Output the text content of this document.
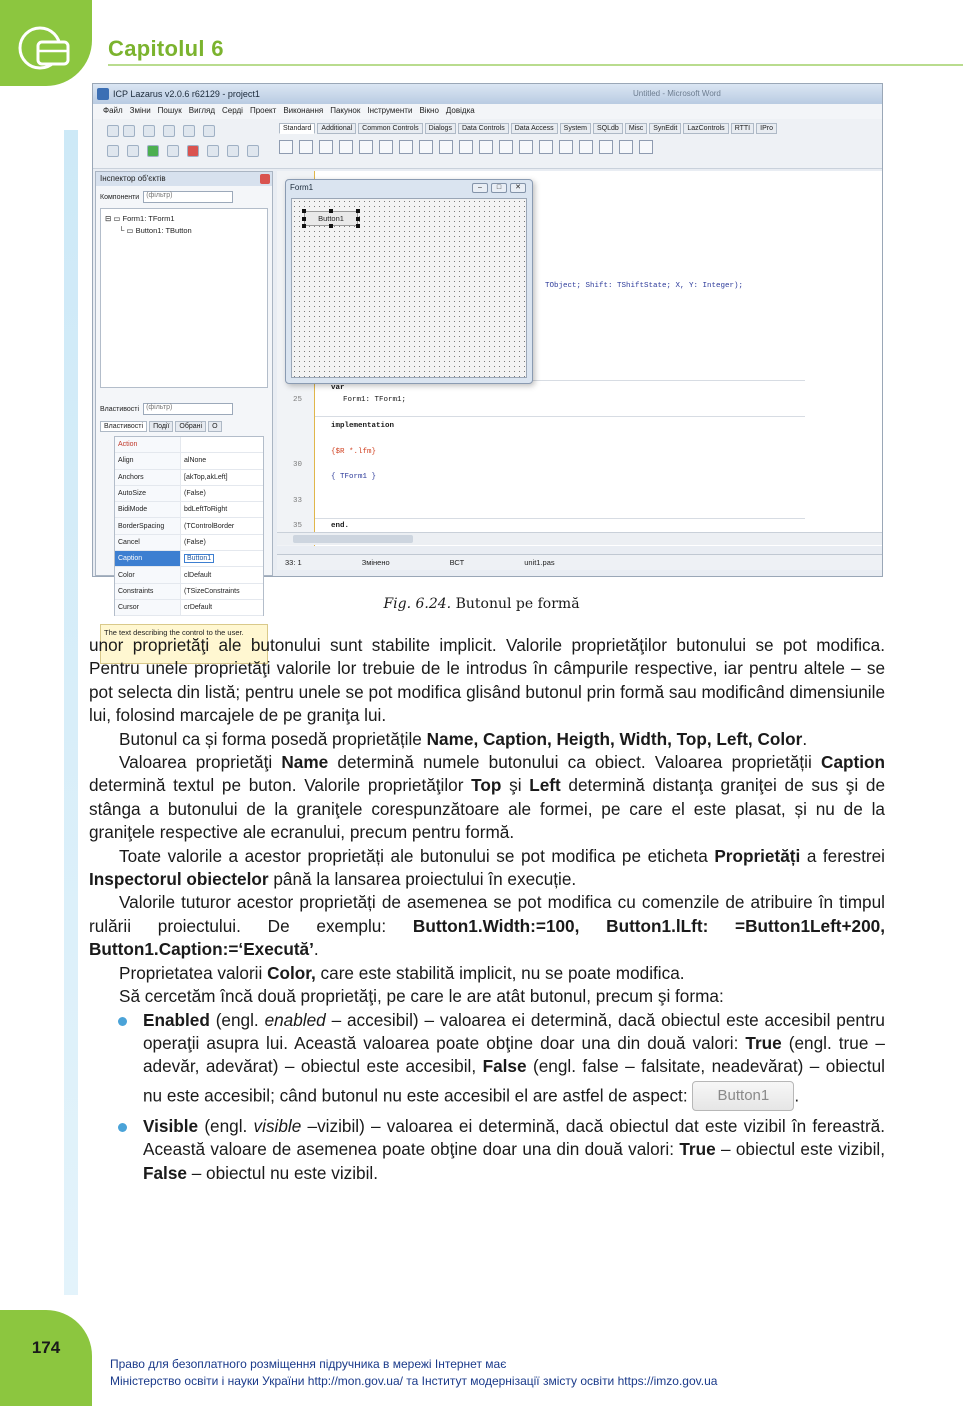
Capitolul 6
ICP Lazarus v2.0.6 r62129 - project1	Untitled - Microsoft Word
Файл Зміни Пошук Вигляд Серді Проект Виконання Пакунок Інструменти Вікно Довідка
Standard	Additional	Common Controls	Dialogs	Data Controls	Data Access	System	SQLdb	Misc	SynEdit	LazControls	RTTI	IPro
Інспектор об'єктів
Компоненти	(фільтр)
⊟ ▭ Form1: TForm1
└ ▭ Button1: TButton
Властивості	(фільтр)
Властивості	Події	Обрані	О
Action
Align	alNone
Anchors	[akTop,akLeft]
AutoSize	(False)
BidiMode	bdLeftToRight
BorderSpacing	(TControlBorder
Cancel	(False)
Caption	Button1
Color	clDefault
Constraints	(TSizeConstraints
Cursor	crDefault
The text describing the control to the user.
TObject; Shift: TShiftState; X, Y: Integer);
var
25	Form1: TForm1;
implementation
{$R *.lfm}
30
{ TForm1 }
33
35	end.
33: 1	Змінено	ВСТ	unit1.pas
Form1	–	□	✕
Button1
Fig. 6.24. Butonul pe formă

unor proprietăţi ale butonului sunt stabilite implicit. Valorile proprietăţilor butonului se pot modifica. Pentru unele proprietăţi valorile lor trebuie de le introdus în câmpurile respective, iar pentru altele – se pot selecta din listă; pentru unele se pot modifica glisând butonul prin formă sau modificând dimensiunile lui, folosind marcajele de pe graniţa lui.

Butonul ca și forma posedă proprietățile Name, Caption, Heigth, Width, Top, Left, Color.

Valoarea proprietăţi Name determină numele butonului ca obiect. Valoarea proprietății Caption determină textul pe buton. Valorile proprietăţilor Top şi Left determină distanţa graniţei de sus şi de stânga a butonului de la graniţele corespunzătoare ale formei, pe care el este plasat, și nu de la graniţele respective ale ecranului, precum pentru formă.

Toate valorile a acestor proprietăți ale butonului se pot modifica pe eticheta Proprietăți a ferestrei Inspectorul obiectelor până la lansarea proiectului în execuție.

Valorile tuturor acestor proprietăți de asemenea se pot modifica cu comenzile de atribuire în timpul rulării proiectului. De exemplu: Button1.Width:=100, Button1.lLft: =Button1Left+200, Button1.Caption:=‘Execută’.

Proprietatea valorii Color, care este stabilită implicit, nu se poate modifica.

Să cercetăm încă două proprietăţi, pe care le are atât butonul, precum şi forma:

Enabled (engl. enabled – accesibil) – valoarea ei determină, dacă obiectul este accesibil pentru operaţii asupra lui. Această valoarea poate obţine doar una din două valori: True (engl. true – adevăr, adevărat) – obiectul este accesibil, False (engl. false – falsitate, neadevărat) – obiectul nu este accesibil; când butonul nu este accesibil el are astfel de aspect: Button1 .
Visible (engl. visible –vizibil) – valoarea ei determină, dacă obiectul dat este vizibil în fereastră. Această valoare de asemenea poate obţine doar una din două valori: True – obiectul este vizibil, False – obiectul nu este vizibil.
174
Право для безоплатного розміщення підручника в мережі Інтернет має
Міністерство освіти і науки України http://mon.gov.ua/ та Інститут модернізації змісту освіти https://imzo.gov.ua
